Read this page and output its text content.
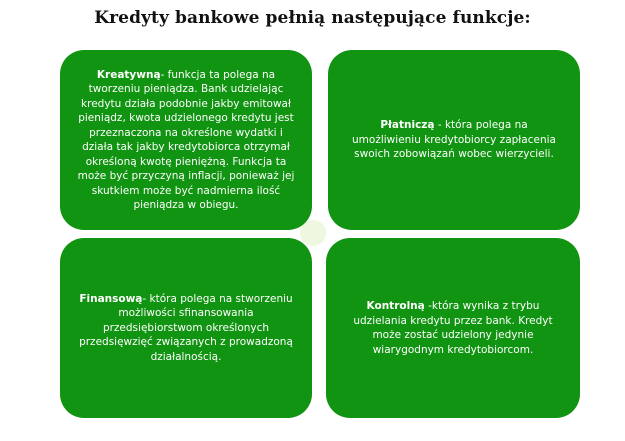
Kredyty bankowe pełnią następujące funkcje:

Kreatywną- funkcja ta polega na tworzeniu pieniądza. Bank udzielając kredytu działa podobnie jakby emitował pieniądz, kwota udzielonego kredytu jest przeznaczona na określone wydatki i działa tak jakby kredytobiorca otrzymał określoną kwotę pieniężną. Funkcja ta może być przyczyną inflacji, ponieważ jej skutkiem może być nadmierna ilość pieniądza w obiegu.

Płatniczą - która polega na umożliwieniu kredytobiorcy zapłacenia swoich zobowiązań wobec wierzycieli.

Finansową- która polega na stworzeniu możliwości sfinansowania przedsiębiorstwom określonych przedsięwzięć związanych z prowadzoną działalnością.

Kontrolną -która wynika z trybu udzielania kredytu przez bank. Kredyt może zostać udzielony jedynie wiarygodnym kredytobiorcom.
